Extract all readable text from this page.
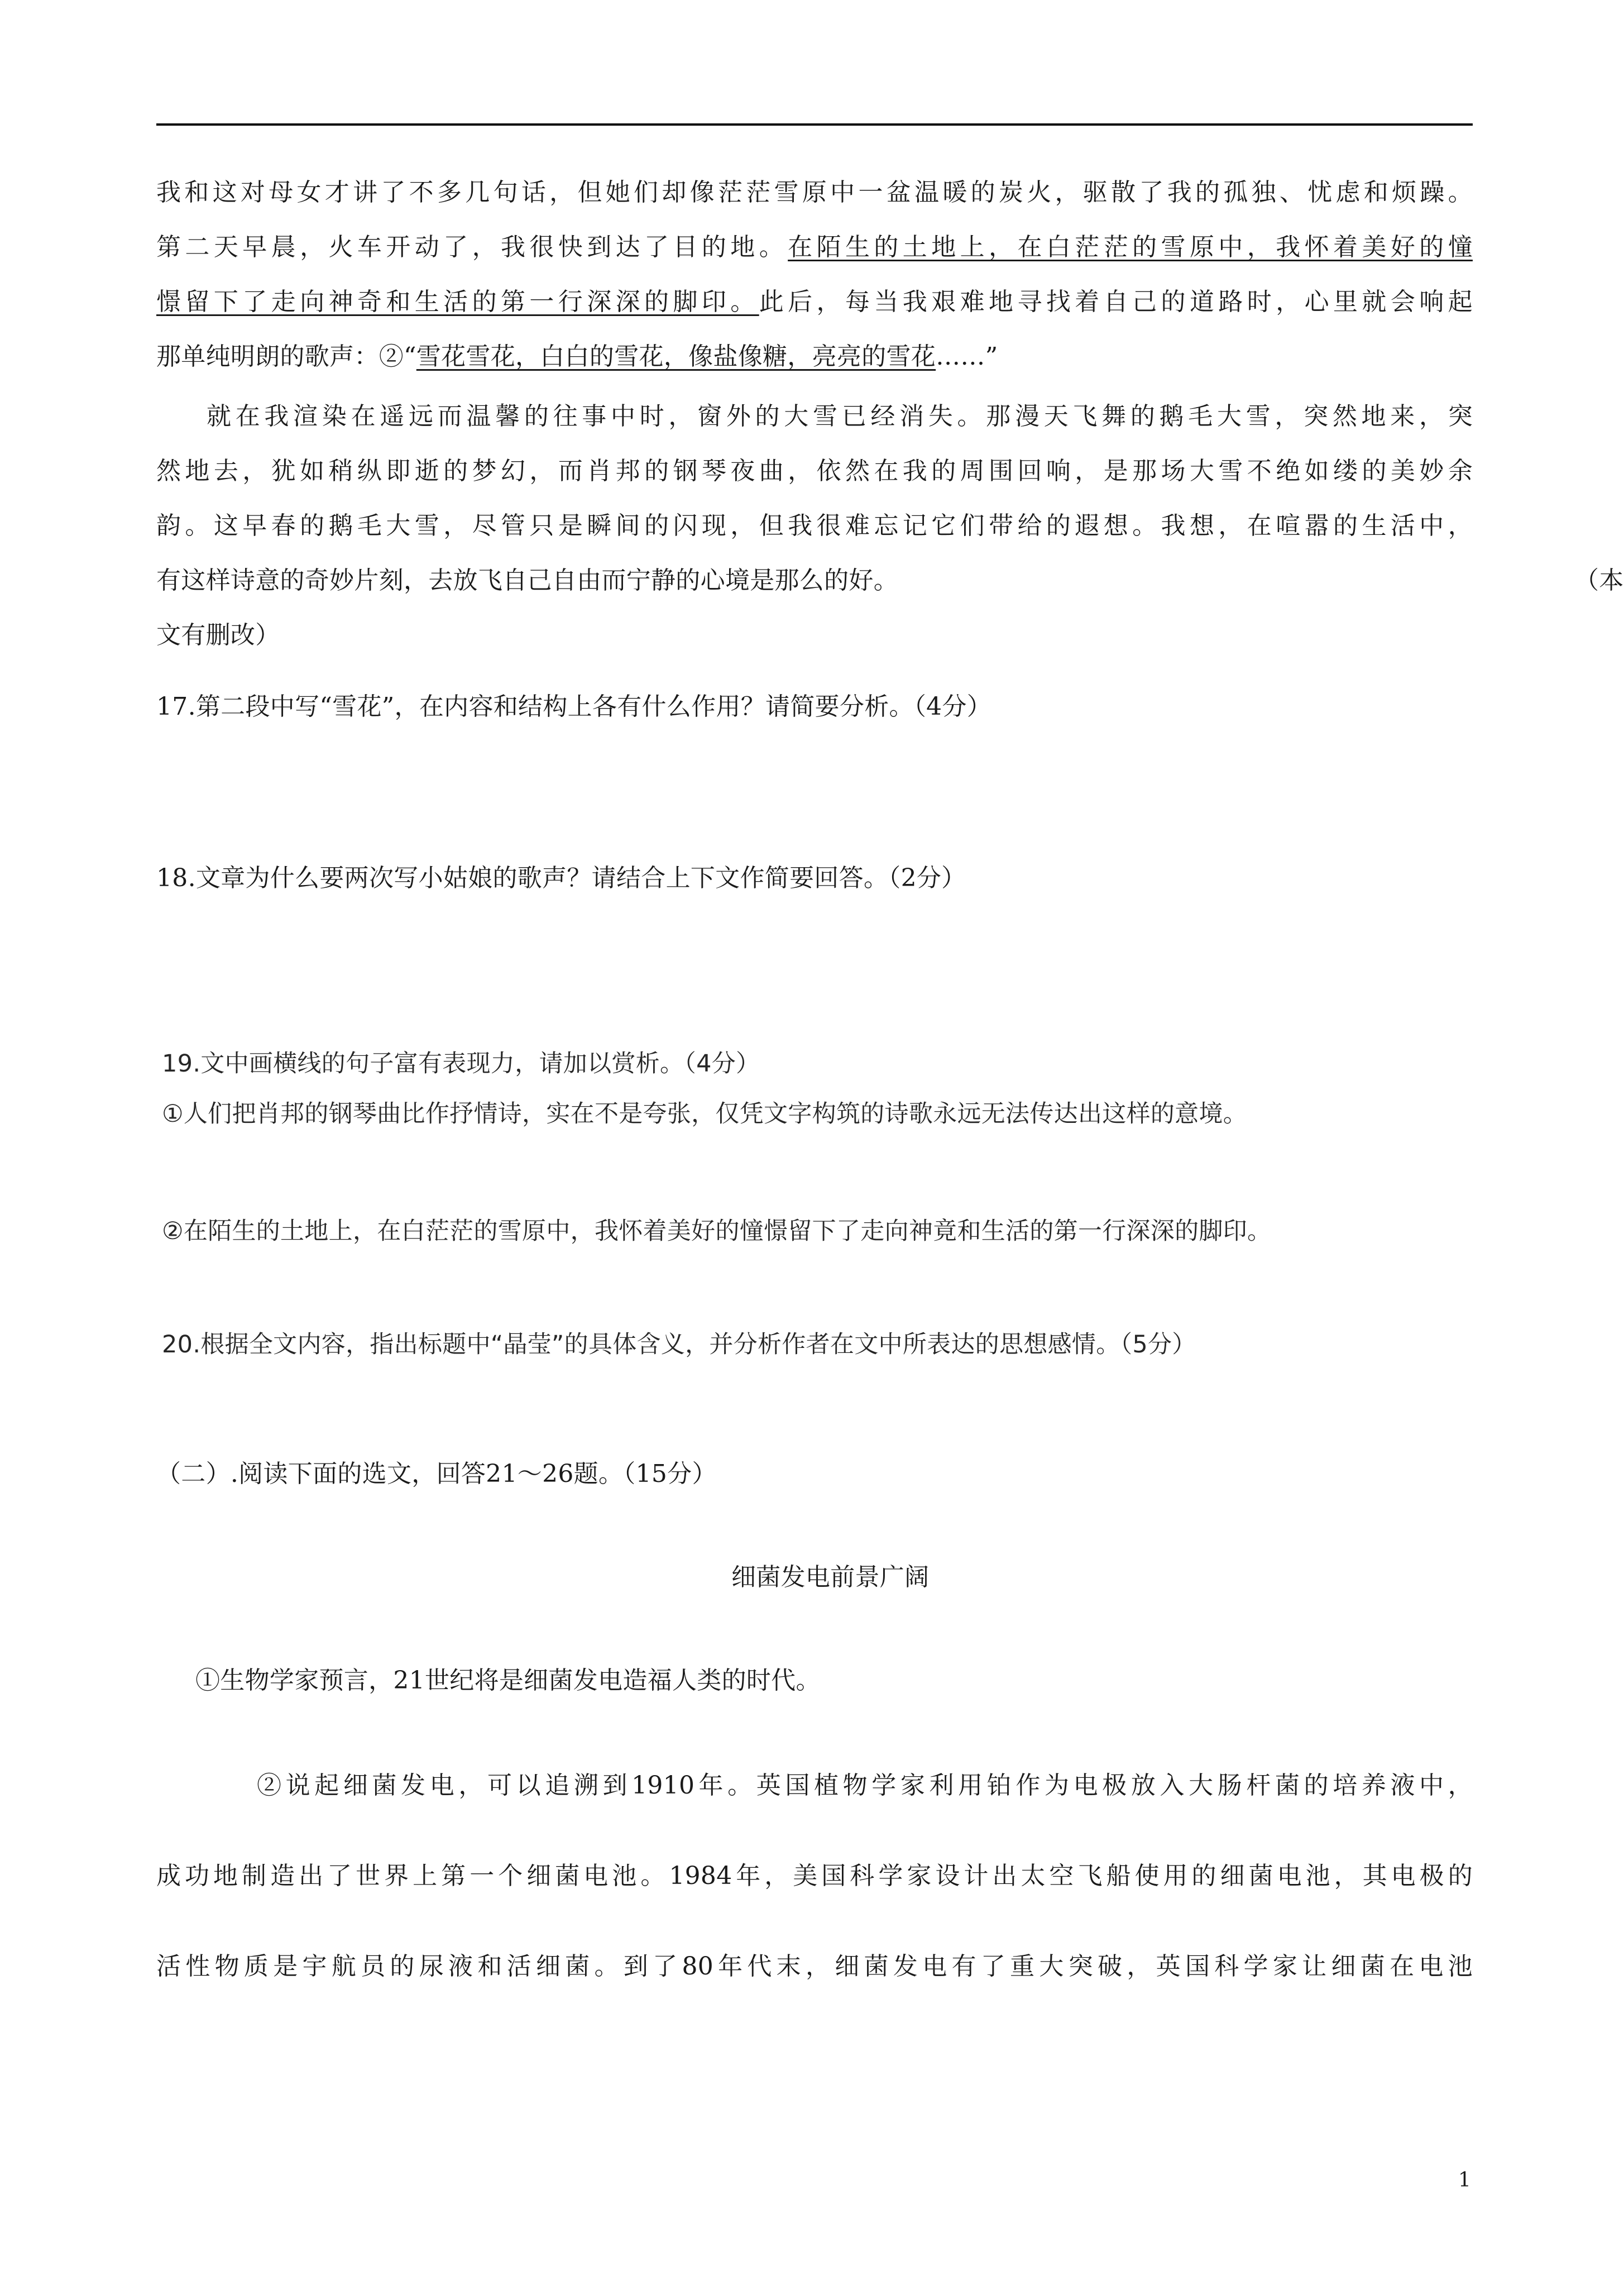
我和这对母女才讲了不多几句话，但她们却像茫茫雪原中一盆温暖的炭火，驱散了我的孤独、忧虑和烦躁。
第二天早晨，火车开动了，我很快到达了目的地。在陌生的土地上，在白茫茫的雪原中，我怀着美好的憧
憬留下了走向神奇和生活的第一行深深的脚印。此后，每当我艰难地寻找着自己的道路时，心里就会响起
那单纯明朗的歌声：②“雪花雪花，白白的雪花，像盐像糖，亮亮的雪花……”
就在我渲染在遥远而温馨的往事中时，窗外的大雪已经消失。那漫天飞舞的鹅毛大雪，突然地来，突
然地去，犹如稍纵即逝的梦幻，而肖邦的钢琴夜曲，依然在我的周围回响，是那场大雪不绝如缕的美妙余
韵。这早春的鹅毛大雪，尽管只是瞬间的闪现，但我很难忘记它们带给的遐想。我想，在喧嚣的生活中，
有这样诗意的奇妙片刻，去放飞自己自由而宁静的心境是那么的好。	（本
文有删改）
17.第二段中写“雪花”，在内容和结构上各有什么作用？请简要分析。（4分）
18.文章为什么要两次写小姑娘的歌声？请结合上下文作简要回答。（2分）
19.文中画横线的句子富有表现力，请加以赏析。（4分）
①人们把肖邦的钢琴曲比作抒情诗，实在不是夸张，仅凭文字构筑的诗歌永远无法传达出这样的意境。
②在陌生的土地上，在白茫茫的雪原中，我怀着美好的憧憬留下了走向神竟和生活的第一行深深的脚印。
20.根据全文内容，指出标题中“晶莹”的具体含义，并分析作者在文中所表达的思想感情。（5分）
（二）.阅读下面的选文，回答21～26题。（15分）
细菌发电前景广阔
①生物学家预言，21世纪将是细菌发电造福人类的时代。
②说起细菌发电，可以追溯到1910年。英国植物学家利用铂作为电极放入大肠杆菌的培养液中，
成功地制造出了世界上第一个细菌电池。1984年，美国科学家设计出太空飞船使用的细菌电池，其电极的
活性物质是宇航员的尿液和活细菌。到了80年代末，细菌发电有了重大突破，英国科学家让细菌在电池
1
